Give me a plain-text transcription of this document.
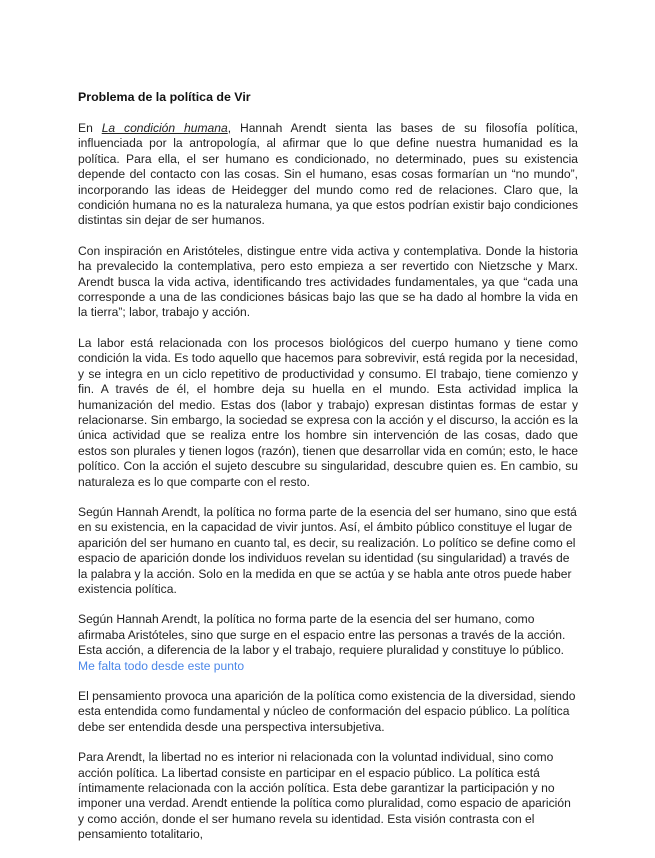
Problema de la política de Vir

En La condición humana, Hannah Arendt sienta las bases de su filosofía política, influenciada por la antropología, al afirmar que lo que define nuestra humanidad es la política. Para ella, el ser humano es condicionado, no determinado, pues su existencia depende del contacto con las cosas. Sin el humano, esas cosas formarían un “no mundo”, incorporando las ideas de Heidegger del mundo como red de relaciones. Claro que, la condición humana no es la naturaleza humana, ya que estos podrían existir bajo condiciones distintas sin dejar de ser humanos.

Con inspiración en Aristóteles, distingue entre vida activa y contemplativa. Donde la historia ha prevalecido la contemplativa, pero esto empieza a ser revertido con Nietzsche y Marx. Arendt busca la vida activa, identificando tres actividades fundamentales, ya que “cada una corresponde a una de las condiciones básicas bajo las que se ha dado al hombre la vida en la tierra”; labor, trabajo y acción.

La labor está relacionada con los procesos biológicos del cuerpo humano y tiene como condición la vida. Es todo aquello que hacemos para sobrevivir, está regida por la necesidad, y se integra en un ciclo repetitivo de productividad y consumo. El trabajo, tiene comienzo y fin. A través de él, el hombre deja su huella en el mundo. Esta actividad implica la humanización del medio. Estas dos (labor y trabajo) expresan distintas formas de estar y relacionarse. Sin embargo, la sociedad se expresa con la acción y el discurso, la acción es la única actividad que se realiza entre los hombre sin intervención de las cosas, dado que estos son plurales y tienen logos (razón), tienen que desarrollar vida en común; esto, le hace político. Con la acción el sujeto descubre su singularidad, descubre quien es. En cambio, su naturaleza es lo que comparte con el resto.

Según Hannah Arendt, la política no forma parte de la esencia del ser humano, sino que está en su existencia, en la capacidad de vivir juntos. Así, el ámbito público constituye el lugar de aparición del ser humano en cuanto tal, es decir, su realización. Lo político se define como el espacio de aparición donde los individuos revelan su identidad (su singularidad) a través de la palabra y la acción. Solo en la medida en que se actúa y se habla ante otros puede haber existencia política.

Según Hannah Arendt, la política no forma parte de la esencia del ser humano, como afirmaba Aristóteles, sino que surge en el espacio entre las personas a través de la acción. Esta acción, a diferencia de la labor y el trabajo, requiere pluralidad y constituye lo público. Me falta todo desde este punto

El pensamiento provoca una aparición de la política como existencia de la diversidad, siendo esta entendida como fundamental y núcleo de conformación del espacio público. La política debe ser entendida desde una perspectiva intersubjetiva.

Para Arendt, la libertad no es interior ni relacionada con la voluntad individual, sino como acción política. La libertad consiste en participar en el espacio público. La política está íntimamente relacionada con la acción política. Esta debe garantizar la participación y no imponer una verdad. Arendt entiende la política como pluralidad, como espacio de aparición y como acción, donde el ser humano revela su identidad. Esta visión contrasta con el pensamiento totalitario,
